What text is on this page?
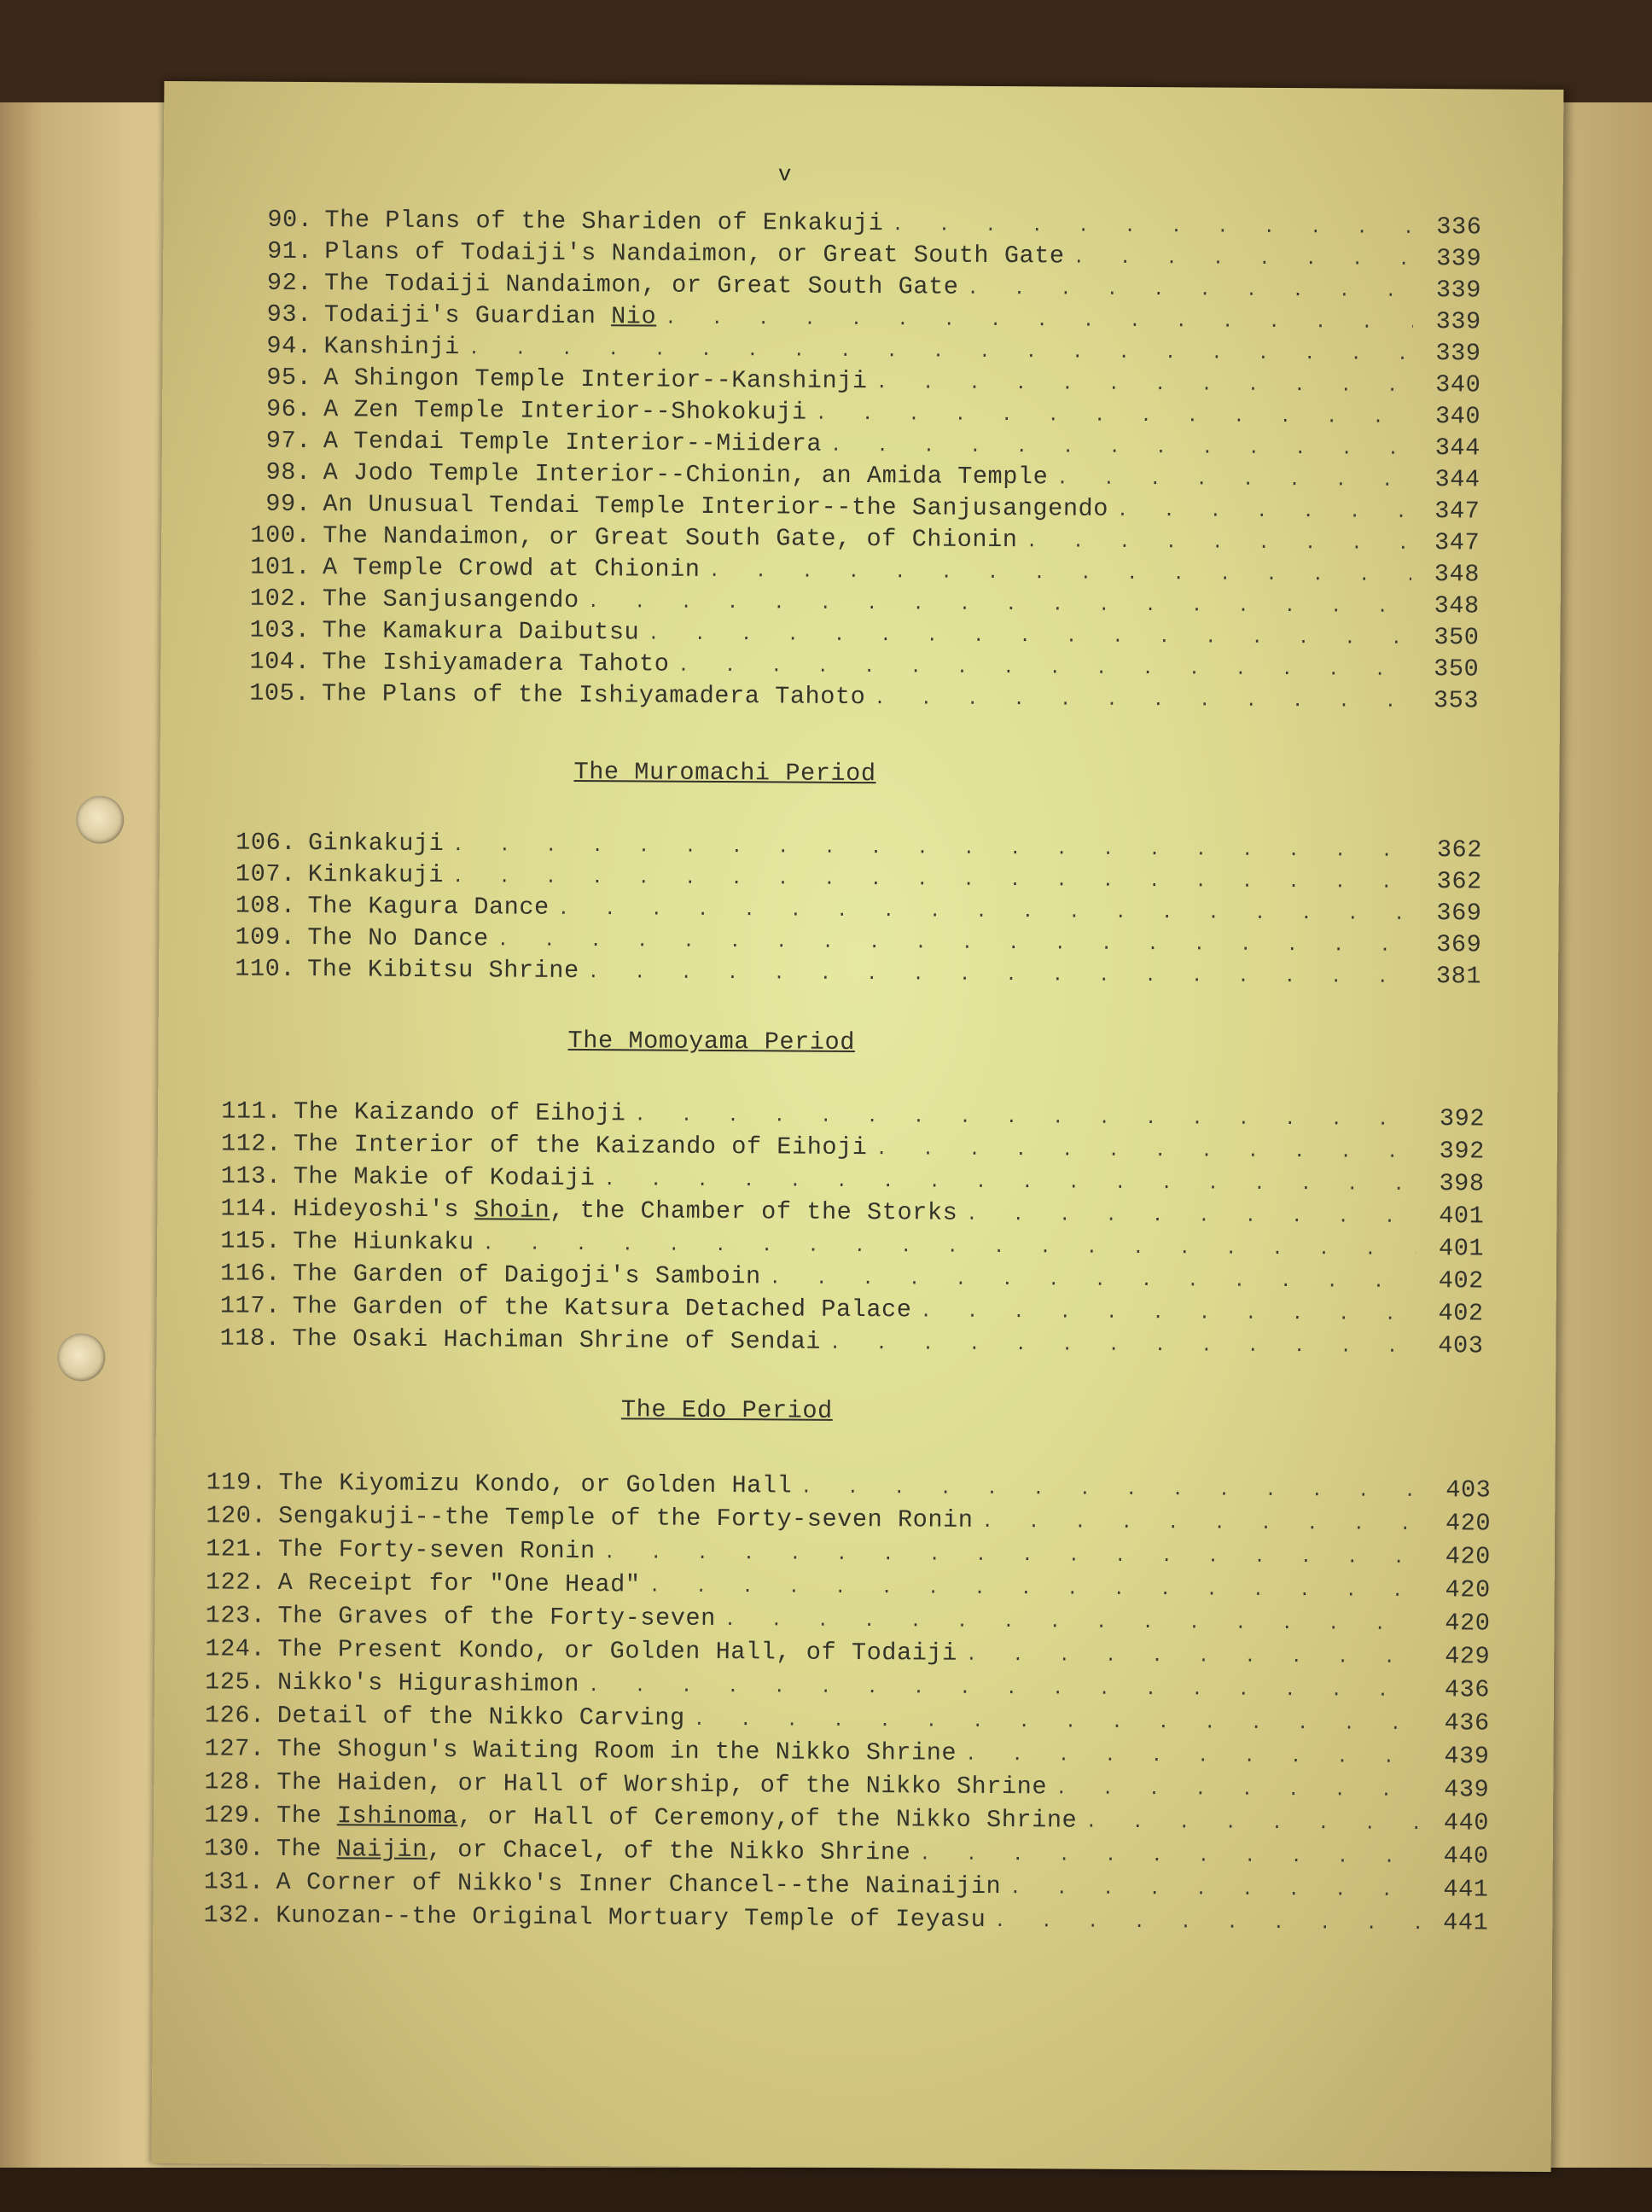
v
90. The Plans of the Shariden of Enkakuji . . .	336
91. Plans of Todaiji's Nandaimon, or Great South Gate . . .	339
92. The Todaiji Nandaimon, or Great South Gate . . .	339
93. Todaiji's Guardian Nio . . .	339
94. Kanshinji . . .	339
95. A Shingon Temple Interior--Kanshinji . . .	340
96. A Zen Temple Interior--Shokokuji . . .	340
97. A Tendai Temple Interior--Miidera . . .	344
98. A Jodo Temple Interior--Chionin, an Amida Temple . . .	344
99. An Unusual Tendai Temple Interior--the Sanjusangendo . . .	347
100. The Nandaimon, or Great South Gate, of Chionin . . .	347
101. A Temple Crowd at Chionin . . .	348
102. The Sanjusangendo . . .	348
103. The Kamakura Daibutsu . . .	350
104. The Ishiyamadera Tahoto . . .	350
105. The Plans of the Ishiyamadera Tahoto . . .	353
The Muromachi Period
106. Ginkakuji . . .	362
107. Kinkakuji . . .	362
108. The Kagura Dance . . .	369
109. The No Dance . . .	369
110. The Kibitsu Shrine . . .	381
The Momoyama Period
111. The Kaizando of Eihoji . . .	392
112. The Interior of the Kaizando of Eihoji . . .	392
113. The Makie of Kodaiji . . .	398
114. Hideyoshi's Shoin, the Chamber of the Storks . . .	401
115. The Hiunkaku . . .	401
116. The Garden of Daigoji's Samboin . . .	402
117. The Garden of the Katsura Detached Palace . . .	402
118. The Osaki Hachiman Shrine of Sendai . . .	403
The Edo Period
119. The Kiyomizu Kondo, or Golden Hall . . .	403
120. Sengakuji--the Temple of the Forty-seven Ronin . . .	420
121. The Forty-seven Ronin . . .	420
122. A Receipt for "One Head" . . .	420
123. The Graves of the Forty-seven . . .	420
124. The Present Kondo, or Golden Hall, of Todaiji . . .	429
125. Nikko's Higurashimon . . .	436
126. Detail of the Nikko Carving . . .	436
127. The Shogun's Waiting Room in the Nikko Shrine . . .	439
128. The Haiden, or Hall of Worship, of the Nikko Shrine . . .	439
129. The Ishinoma, or Hall of Ceremony,of the Nikko Shrine . . .	440
130. The Naijin, or Chacel, of the Nikko Shrine . . .	440
131. A Corner of Nikko's Inner Chancel--the Nainaijin . . .	441
132. Kunozan--the Original Mortuary Temple of Ieyasu . . .	441
